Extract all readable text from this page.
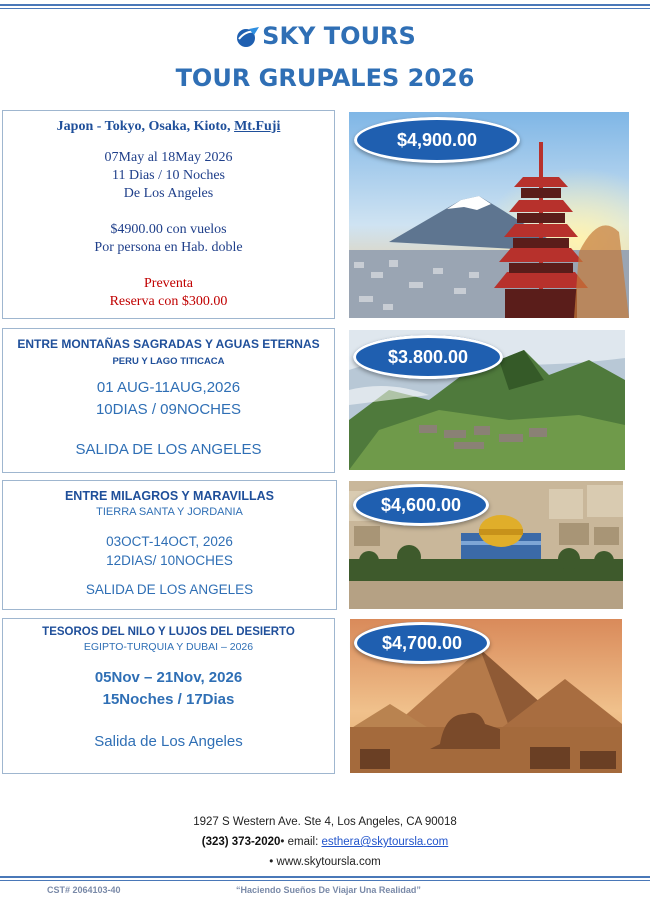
SKY TOURS
TOUR GRUPALES 2026
Japon - Tokyo, Osaka, Kioto, Mt.Fuji
07May al 18May 2026
11 Dias / 10 Noches
De Los Angeles
$4900.00 con vuelos
Por persona en Hab. doble
Preventa
Reserva con $300.00
$4,900.00
ENTRE MONTAÑAS SAGRADAS Y AGUAS ETERNAS
PERU Y LAGO TITICACA
01 AUG-11AUG,2026
10DIAS / 09NOCHES
SALIDA DE LOS ANGELES
$3.800.00
ENTRE MILAGROS Y MARAVILLAS
TIERRA SANTA Y JORDANIA
03OCT-14OCT, 2026
12DIAS/ 10NOCHES
SALIDA DE LOS ANGELES
$4,600.00
TESOROS DEL NILO Y LUJOS DEL DESIERTO
EGIPTO-TURQUIA Y DUBAI – 2026
05Nov – 21Nov, 2026
15Noches / 17Dias
Salida de Los Angeles
$4,700.00
1927 S Western Ave. Ste 4, Los Angeles, CA 90018
(323) 373-2020• email: esthera@skytoursla.com
• www.skytoursla.com
CST# 2064103-40	“Haciendo Sueños De Viajar Una Realidad”
